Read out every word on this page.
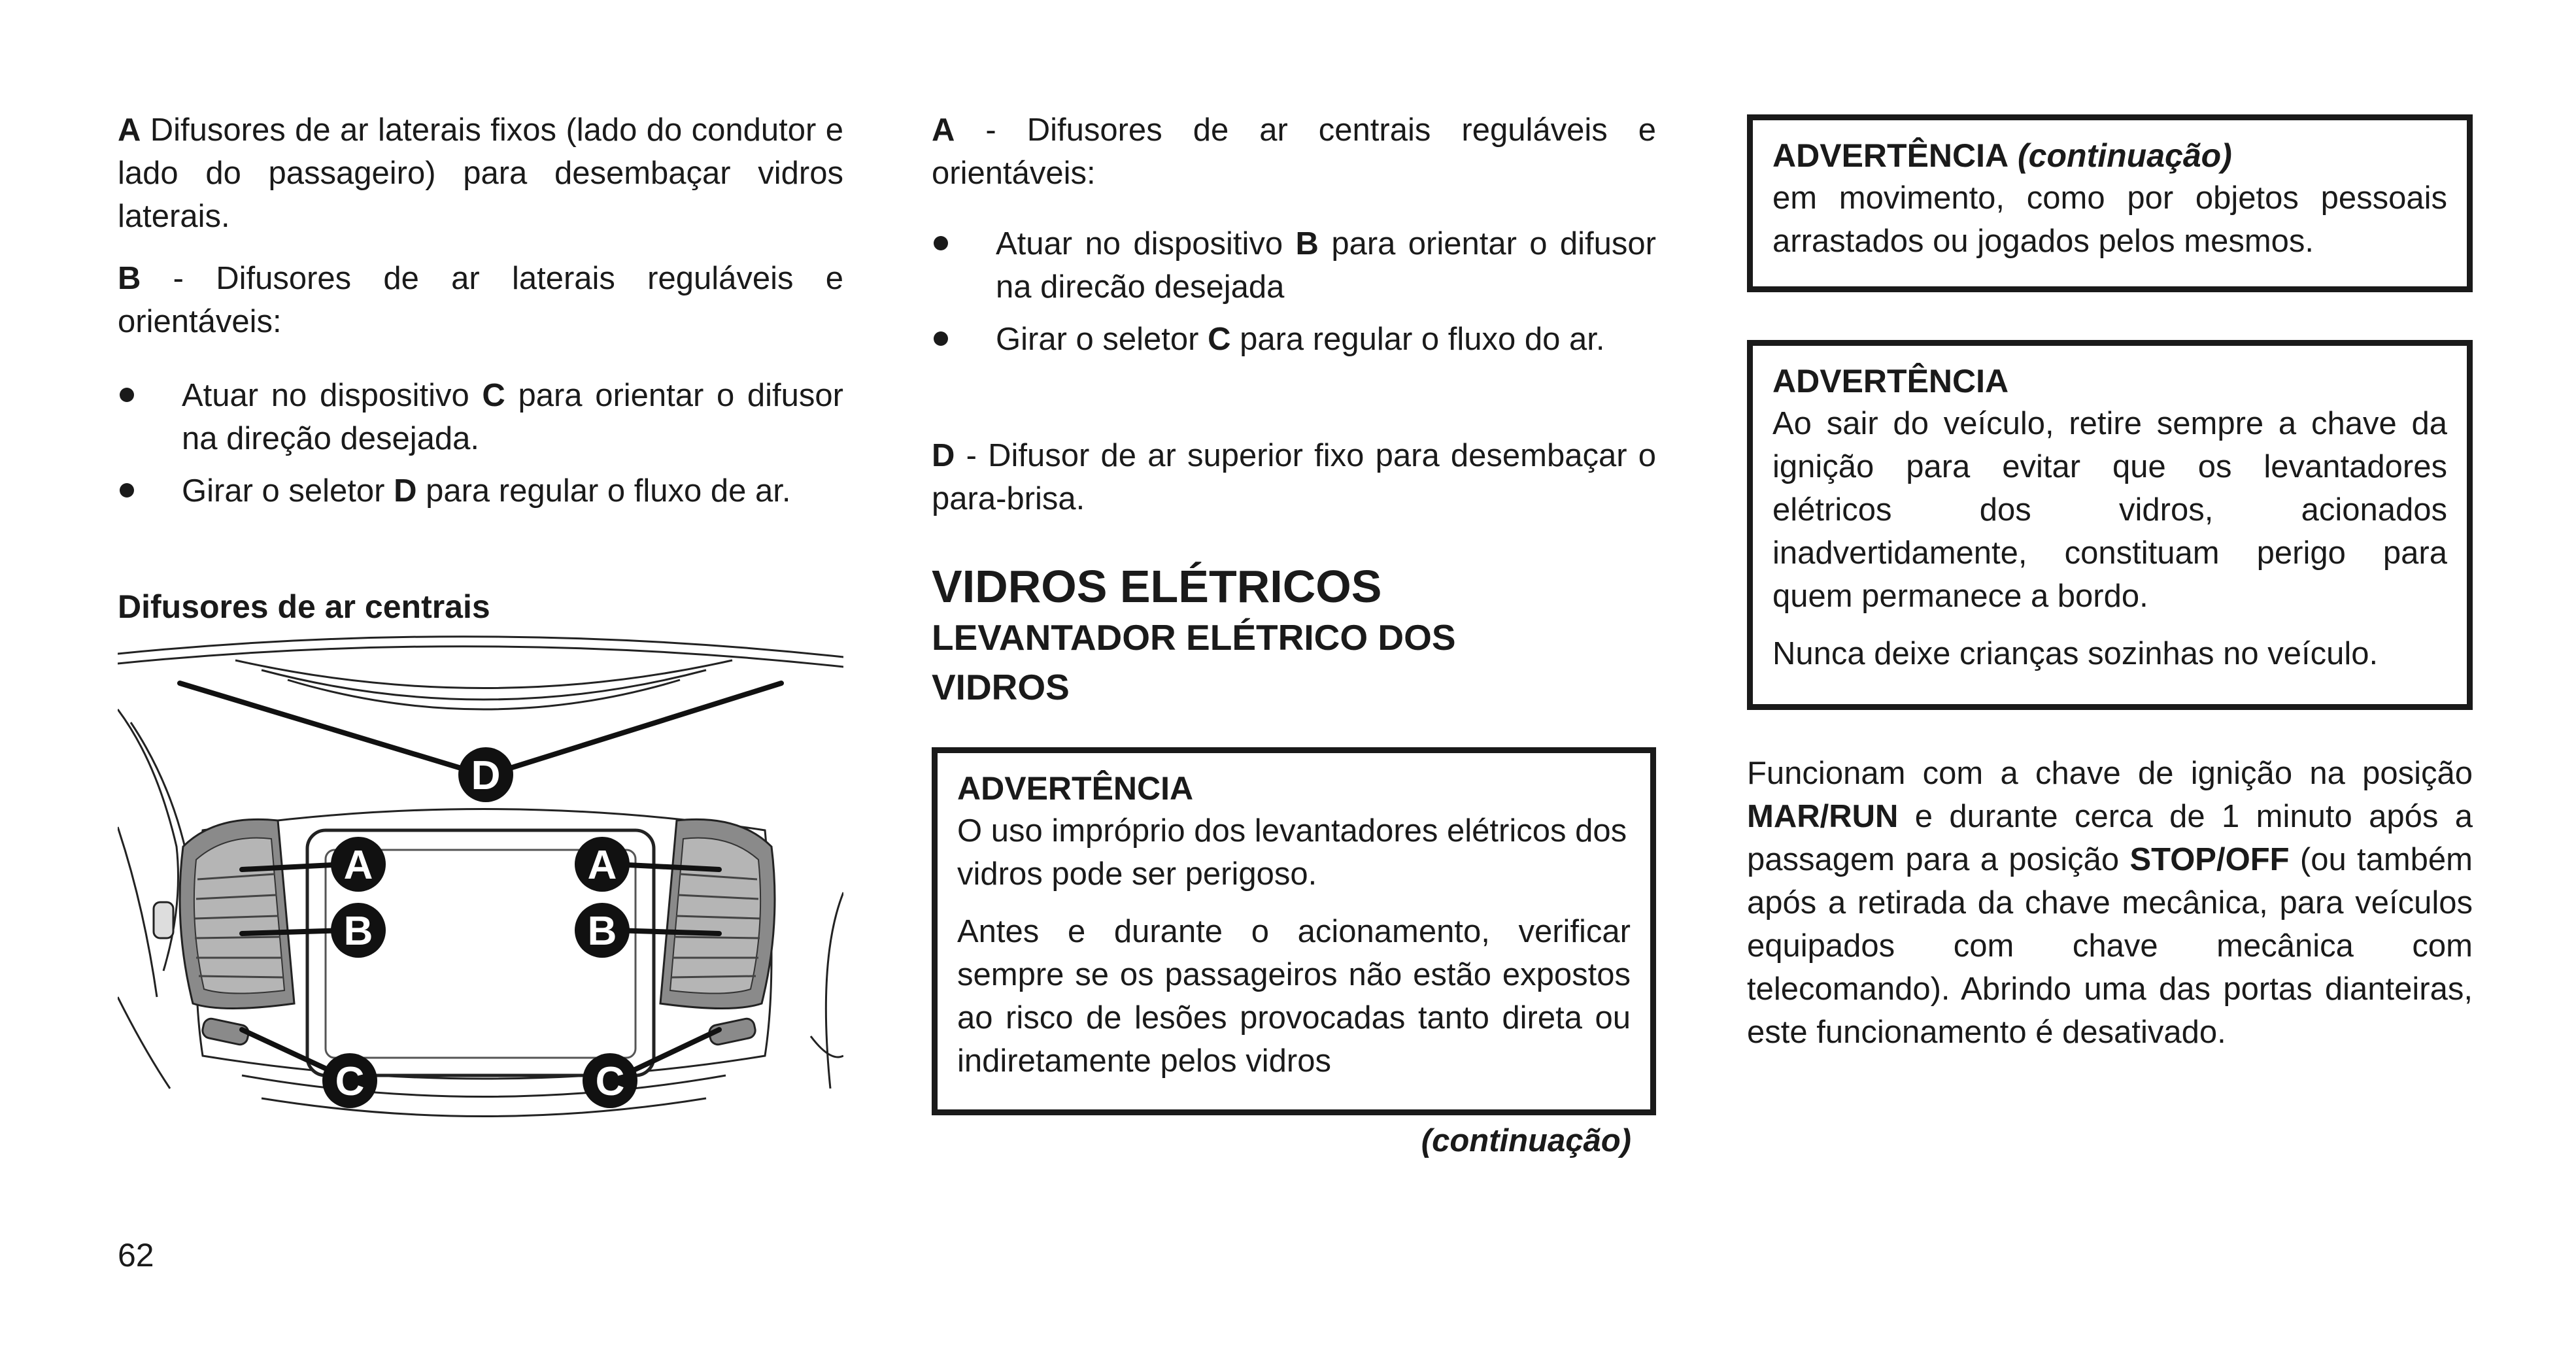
A Difusores de ar laterais fixos (lado do condutor e lado do passageiro) para desembaçar vidros laterais.

B - Difusores de ar laterais reguláveis e orientáveis:

Atuar no dispositivo C para orientar o difusor na direção desejada.
Girar o seletor D para regular o fluxo de ar.

Difusores de ar centrais

D
A
B
C
A
B
C
62

A - Difusores de ar centrais reguláveis e orientáveis:

Atuar no dispositivo B para orientar o difusor na direcão desejada
Girar o seletor C para regular o fluxo do ar.

D - Difusor de ar superior fixo para desembaçar o para-brisa.

VIDROS ELÉTRICOS
LEVANTADOR ELÉTRICO DOS VIDROS

ADVERTÊNCIA

O uso impróprio dos levantadores elétricos dos vidros pode ser perigoso.

Antes e durante o acionamento, verificar sempre se os passageiros não estão expostos ao risco de lesões provocadas tanto direta ou indiretamente pelos vidros

(continuação)

ADVERTÊNCIA (continuação)

em movimento, como por objetos pessoais arrastados ou jogados pelos mesmos.

ADVERTÊNCIA

Ao sair do veículo, retire sempre a chave da ignição para evitar que os levantadores elétricos dos vidros, acionados inadvertidamente, constituam perigo para quem permanece a bordo.

Nunca deixe crianças sozinhas no veículo.

Funcionam com a chave de ignição na posição MAR/RUN e durante cerca de 1 minuto após a passagem para a posição STOP/OFF (ou também após a retirada da chave mecânica, para veículos equipados com chave mecânica com telecomando). Abrindo uma das portas dianteiras, este funcionamento é desativado.
